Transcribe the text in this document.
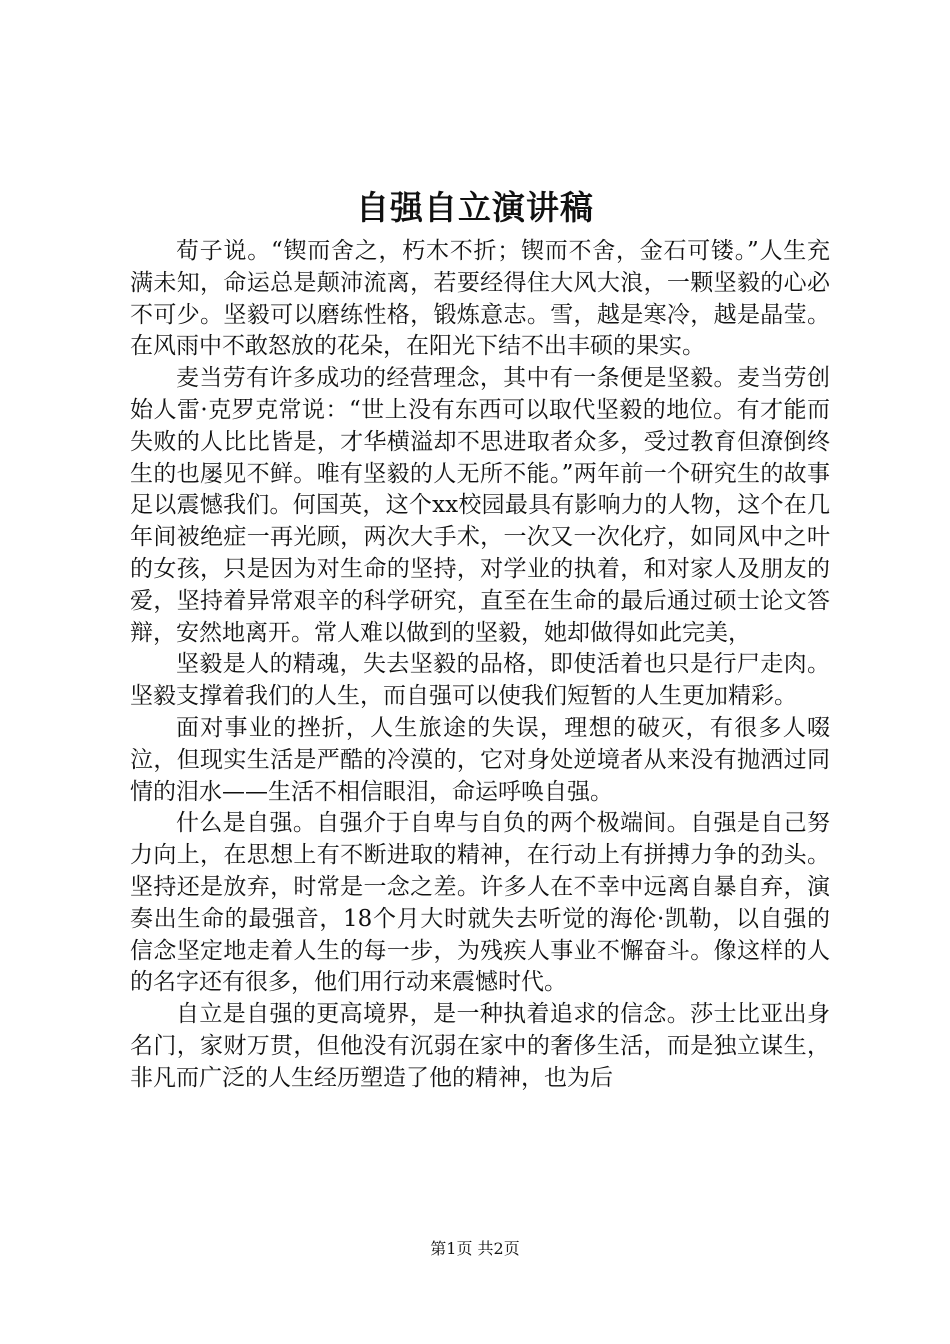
自强自立演讲稿

荀子说。“锲而舍之，朽木不折；锲而不舍，金石可镂。”人生充满未知，命运总是颠沛流离，若要经得住大风大浪，一颗坚毅的心必不可少。坚毅可以磨练性格，锻炼意志。雪，越是寒冷，越是晶莹。在风雨中不敢怒放的花朵，在阳光下结不出丰硕的果实。

麦当劳有许多成功的经营理念，其中有一条便是坚毅。麦当劳创始人雷·克罗克常说：“世上没有东西可以取代坚毅的地位。有才能而失败的人比比皆是，才华横溢却不思进取者众多，受过教育但潦倒终生的也屡见不鲜。唯有坚毅的人无所不能。”两年前一个研究生的故事足以震憾我们。何国英，这个xx校园最具有影响力的人物，这个在几年间被绝症一再光顾，两次大手术，一次又一次化疗，如同风中之叶的女孩，只是因为对生命的坚持，对学业的执着，和对家人及朋友的爱，坚持着异常艰辛的科学研究，直至在生命的最后通过硕士论文答辩，安然地离开。常人难以做到的坚毅，她却做得如此完美，

坚毅是人的精魂，失去坚毅的品格，即使活着也只是行尸走肉。坚毅支撑着我们的人生，而自强可以使我们短暂的人生更加精彩。

面对事业的挫折，人生旅途的失误，理想的破灭，有很多人啜泣，但现实生活是严酷的冷漠的，它对身处逆境者从来没有抛洒过同情的泪水——生活不相信眼泪，命运呼唤自强。

什么是自强。自强介于自卑与自负的两个极端间。自强是自己努力向上，在思想上有不断进取的精神，在行动上有拼搏力争的劲头。坚持还是放弃，时常是一念之差。许多人在不幸中远离自暴自弃，演奏出生命的最强音，18个月大时就失去听觉的海伦·凯勒，以自强的信念坚定地走着人生的每一步，为残疾人事业不懈奋斗。像这样的人的名字还有很多，他们用行动来震憾时代。

自立是自强的更高境界，是一种执着追求的信念。莎士比亚出身名门，家财万贯，但他没有沉弱在家中的奢侈生活，而是独立谋生，非凡而广泛的人生经历塑造了他的精神，也为后

第1页 共2页
